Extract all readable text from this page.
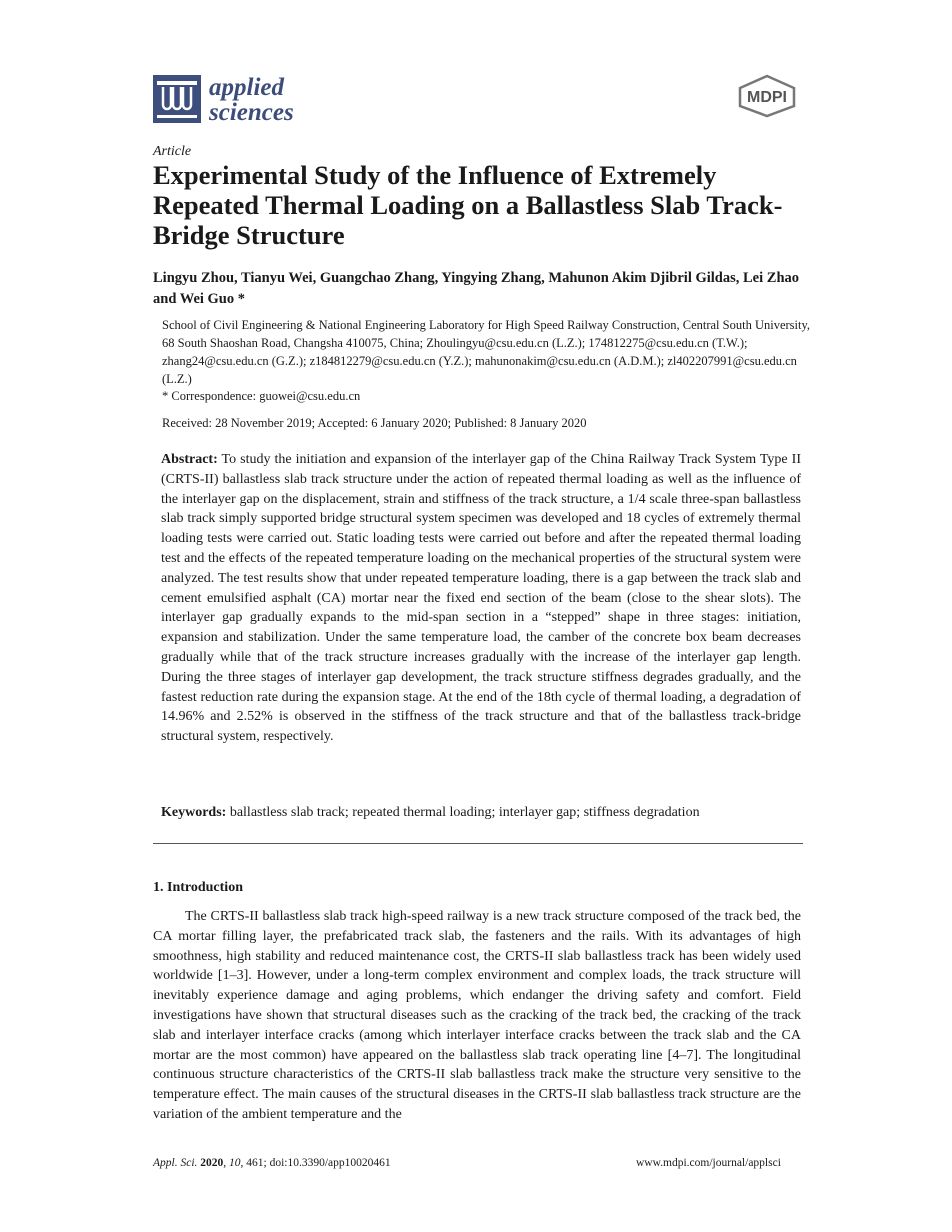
applied
sciences
MDPI
Article
Experimental Study of the Influence of Extremely Repeated Thermal Loading on a Ballastless Slab Track-Bridge Structure
Lingyu Zhou, Tianyu Wei, Guangchao Zhang, Yingying Zhang, Mahunon Akim Djibril Gildas, Lei Zhao and Wei Guo *
School of Civil Engineering & National Engineering Laboratory for High Speed Railway Construction, Central South University, 68 South Shaoshan Road, Changsha 410075, China; Zhoulingyu@csu.edu.cn (L.Z.); 174812275@csu.edu.cn (T.W.); zhang24@csu.edu.cn (G.Z.); z184812279@csu.edu.cn (Y.Z.); mahunonakim@csu.edu.cn (A.D.M.); zl402207991@csu.edu.cn (L.Z.)
* Correspondence: guowei@csu.edu.cn
Received: 28 November 2019; Accepted: 6 January 2020; Published: 8 January 2020
Abstract: To study the initiation and expansion of the interlayer gap of the China Railway Track System Type II (CRTS-II) ballastless slab track structure under the action of repeated thermal loading as well as the influence of the interlayer gap on the displacement, strain and stiffness of the track structure, a 1/4 scale three-span ballastless slab track simply supported bridge structural system specimen was developed and 18 cycles of extremely thermal loading tests were carried out. Static loading tests were carried out before and after the repeated thermal loading test and the effects of the repeated temperature loading on the mechanical properties of the structural system were analyzed. The test results show that under repeated temperature loading, there is a gap between the track slab and cement emulsified asphalt (CA) mortar near the fixed end section of the beam (close to the shear slots). The interlayer gap gradually expands to the mid-span section in a “stepped” shape in three stages: initiation, expansion and stabilization. Under the same temperature load, the camber of the concrete box beam decreases gradually while that of the track structure increases gradually with the increase of the interlayer gap length. During the three stages of interlayer gap development, the track structure stiffness degrades gradually, and the fastest reduction rate during the expansion stage. At the end of the 18th cycle of thermal loading, a degradation of 14.96% and 2.52% is observed in the stiffness of the track structure and that of the ballastless track-bridge structural system, respectively.
Keywords: ballastless slab track; repeated thermal loading; interlayer gap; stiffness degradation
1. Introduction
The CRTS-II ballastless slab track high-speed railway is a new track structure composed of the track bed, the CA mortar filling layer, the prefabricated track slab, the fasteners and the rails. With its advantages of high smoothness, high stability and reduced maintenance cost, the CRTS-II slab ballastless track has been widely used worldwide [1–3]. However, under a long-term complex environment and complex loads, the track structure will inevitably experience damage and aging problems, which endanger the driving safety and comfort. Field investigations have shown that structural diseases such as the cracking of the track bed, the cracking of the track slab and interlayer interface cracks (among which interlayer interface cracks between the track slab and the CA mortar are the most common) have appeared on the ballastless slab track operating line [4–7]. The longitudinal continuous structure characteristics of the CRTS-II slab ballastless track make the structure very sensitive to the temperature effect. The main causes of the structural diseases in the CRTS-II slab ballastless track structure are the variation of the ambient temperature and the
Appl. Sci. 2020, 10, 461; doi:10.3390/app10020461	www.mdpi.com/journal/applsci
